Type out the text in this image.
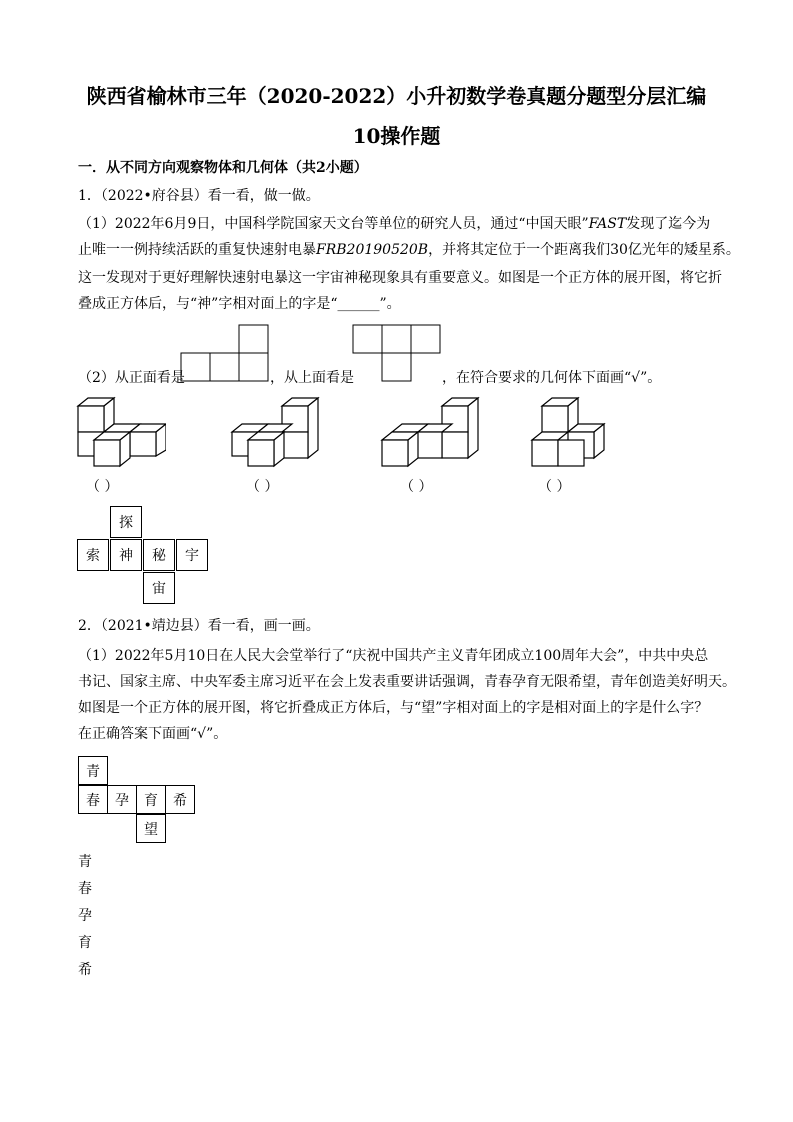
陕西省榆林市三年（2020-2022）小升初数学卷真题分题型分层汇编
10操作题
一．从不同方向观察物体和几何体（共2小题）
1．（2022•府谷县）看一看，做一做。
（1）2022年6月9日，中国科学院国家天文台等单位的研究人员，通过“中国天眼”FAST发现了迄今为
止唯一一例持续活跃的重复快速射电暴FRB20190520B，并将其定位于一个距离我们30亿光年的矮星系。
这一发现对于更好理解快速射电暴这一宇宙神秘现象具有重要意义。如图是一个正方体的展开图，将它折
叠成正方体后，与“神”字相对面上的字是“______”。
（2）从正面看是	，从上面看是	，在符合要求的几何体下面画“√”。
（ ）	（ ）	（ ）	（ ）
探
索	神	秘	宇
宙
2．（2021•靖边县）看一看，画一画。
（1）2022年5月10日在人民大会堂举行了“庆祝中国共产主义青年团成立100周年大会”，中共中央总
书记、国家主席、中央军委主席习近平在会上发表重要讲话强调，青春孕育无限希望，青年创造美好明天。
如图是一个正方体的展开图，将它折叠成正方体后，与“望”字相对面上的字是相对面上的字是什么字？
在正确答案下面画“√”。
青
春	孕	育	希
望
青
春
孕
育
希
